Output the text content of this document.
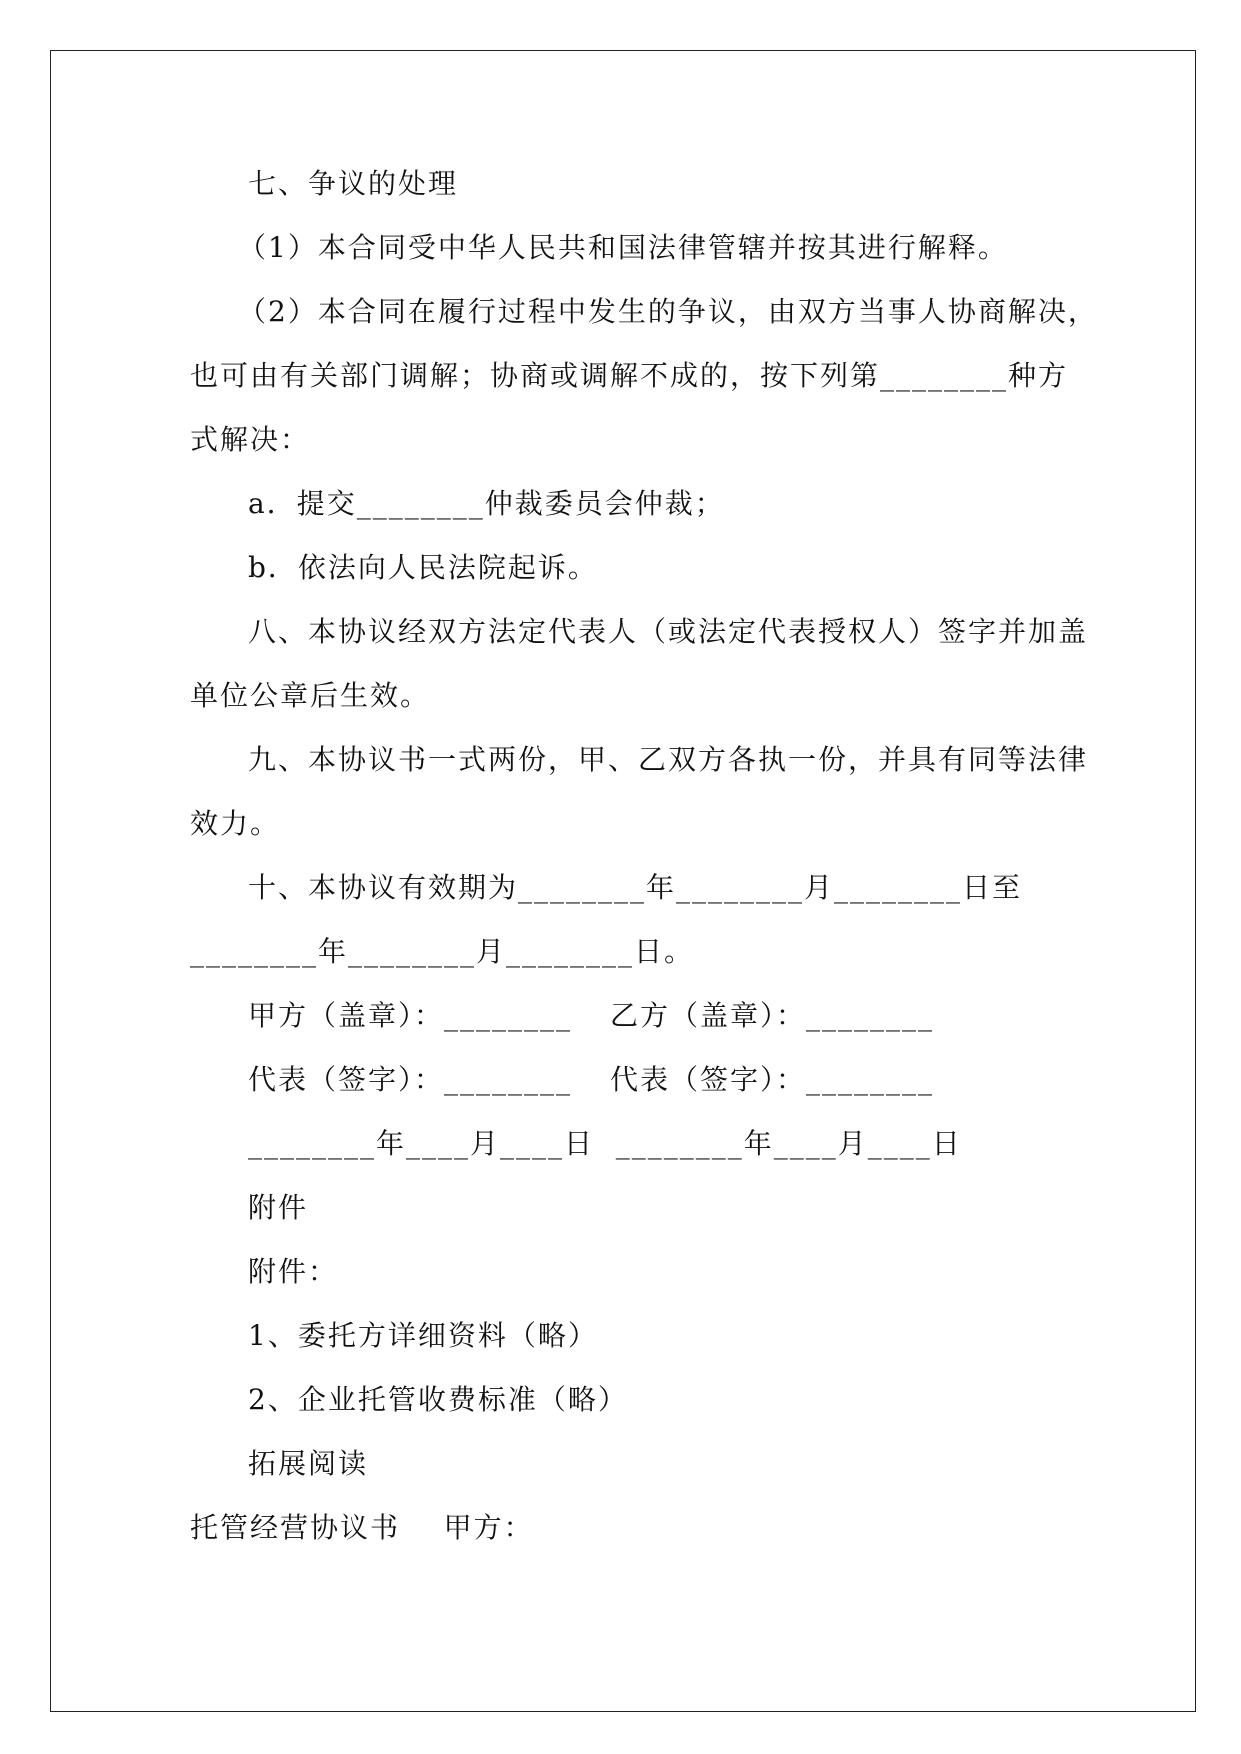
七、争议的处理
（1）本合同受中华人民共和国法律管辖并按其进行解释。
（2）本合同在履行过程中发生的争议，由双方当事人协商解决，
也可由有关部门调解；协商或调解不成的，按下列第________种方
式解决：
a．提交________仲裁委员会仲裁；
b．依法向人民法院起诉。
八、本协议经双方法定代表人（或法定代表授权人）签字并加盖
单位公章后生效。
九、本协议书一式两份，甲、乙双方各执一份，并具有同等法律
效力。
十、本协议有效期为________年________月________日至
________年________月________日。
甲方（盖章）：________ 乙方（盖章）：________
代表（签字）：________ 代表（签字）：________
________年____月____日  ________年____月____日
附件
附件：
1、委托方详细资料（略）
2、企业托管收费标准（略）
拓展阅读
托管经营协议书    甲方：
